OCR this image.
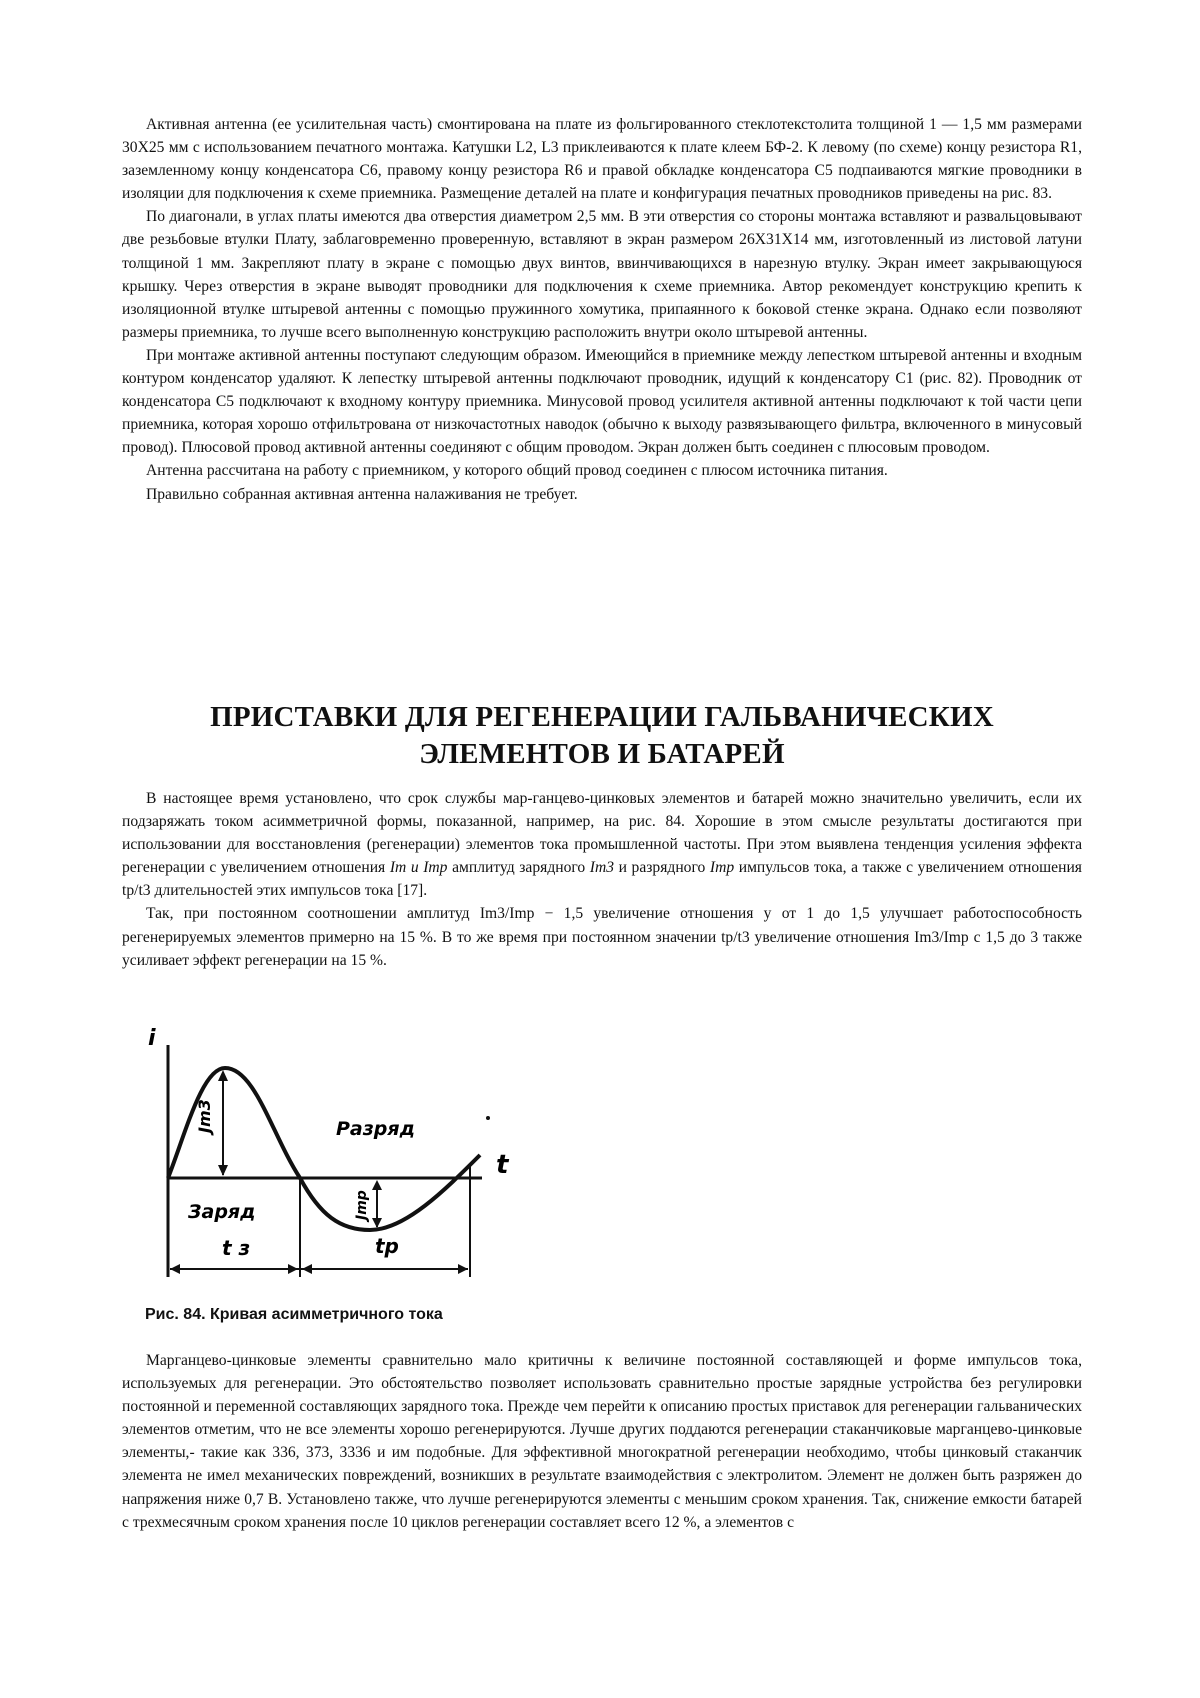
Активная антенна (ее усилительная часть) смонтирована на плате из фольгированного стеклотекстолита толщиной 1 — 1,5 мм размерами 30Х25 мм с использованием печатного монтажа. Катушки L2, L3 приклеиваются к плате клеем БФ-2. К левому (по схеме) концу резистора R1, заземленному концу конденсатора С6, правому концу резистора R6 и правой обкладке конденсатора С5 подпаиваются мягкие проводники в изоляции для подключения к схеме приемника. Размещение деталей на плате и конфигурация печатных проводников приведены на рис. 83.

По диагонали, в углах платы имеются два отверстия диаметром 2,5 мм. В эти отверстия со стороны монтажа вставляют и развальцовывают две резьбовые втулки Плату, заблаговременно проверенную, вставляют в экран размером 26Х31Х14 мм, изготовленный из листовой латуни толщиной 1 мм. Закрепляют плату в экране с помощью двух винтов, ввинчивающихся в нарезную втулку. Экран имеет закрывающуюся крышку. Через отверстия в экране выводят проводники для подключения к схеме приемника. Автор рекомендует конструкцию крепить к изоляционной втулке штыревой антенны с помощью пружинного хомутика, припаянного к боковой стенке экрана. Однако если позволяют размеры приемника, то лучше всего выполненную конструкцию расположить внутри около штыревой антенны.

При монтаже активной антенны поступают следующим образом. Имеющийся в приемнике между лепестком штыревой антенны и входным контуром конденсатор удаляют. К лепестку штыревой антенны подключают проводник, идущий к конденсатору С1 (рис. 82). Проводник от конденсатора С5 подключают к входному контуру приемника. Минусовой провод усилителя активной антенны подключают к той части цепи приемника, которая хорошо отфильтрована от низкочастотных наводок (обычно к выходу развязывающего фильтра, включенного в минусовый провод). Плюсовой провод активной антенны соединяют с общим проводом. Экран должен быть соединен с плюсовым проводом.

Антенна рассчитана на работу с приемником, у которого общий провод соединен с плюсом источника питания.

Правильно собранная активная антенна налаживания не требует.

ПРИСТАВКИ ДЛЯ РЕГЕНЕРАЦИИ ГАЛЬВАНИЧЕСКИХ
ЭЛЕМЕНТОВ И БАТАРЕЙ

В настоящее время установлено, что срок службы мар-ганцево-цинковых элементов и батарей можно значительно увеличить, если их подзаряжать током асимметричной формы, показанной, например, на рис. 84. Хорошие в этом смысле результаты достигаются при использовании для восстановления (регенерации) элементов тока промышленной частоты. При этом выявлена тенденция усиления эффекта регенерации с увеличением отношения Im и Imр амплитуд зарядного Im3 и разрядного Imр импульсов тока, а также с увеличением отношения tр/t3 длительностей этих импульсов тока [17].

Так, при постоянном соотношении амплитуд Im3/Imр − 1,5 увеличение отношения у от 1 до 1,5 улучшает работоспособность регенерируемых элементов примерно на 15 %. В то же время при постоянном значении tр/t3 увеличение отношения Im3/Imр с 1,5 до 3 также усиливает эффект регенерации на 15 %.

i
t
Заряд
Разряд
Jm3
Jmр
t з	tр
Рис. 84. Кривая асимметричного тока

Марганцево-цинковые элементы сравнительно мало критичны к величине постоянной составляющей и форме импульсов тока, используемых для регенерации. Это обстоятельство позволяет использовать сравнительно простые зарядные устройства без регулировки постоянной и переменной составляющих зарядного тока. Прежде чем перейти к описанию простых приставок для регенерации гальванических элементов отметим, что не все элементы хорошо регенерируются. Лучше других поддаются регенерации стаканчиковые марганцево-цинковые элементы,- такие как 336, 373, 3336 и им подобные. Для эффективной многократной регенерации необходимо, чтобы цинковый стаканчик элемента не имел механических повреждений, возникших в результате взаимодействия с электролитом. Элемент не должен быть разряжен до напряжения ниже 0,7 В. Установлено также, что лучше регенерируются элементы с меньшим сроком хранения. Так, снижение емкости батарей с трехмесячным сроком хранения после 10 циклов регенерации составляет всего 12 %, а элементов с
